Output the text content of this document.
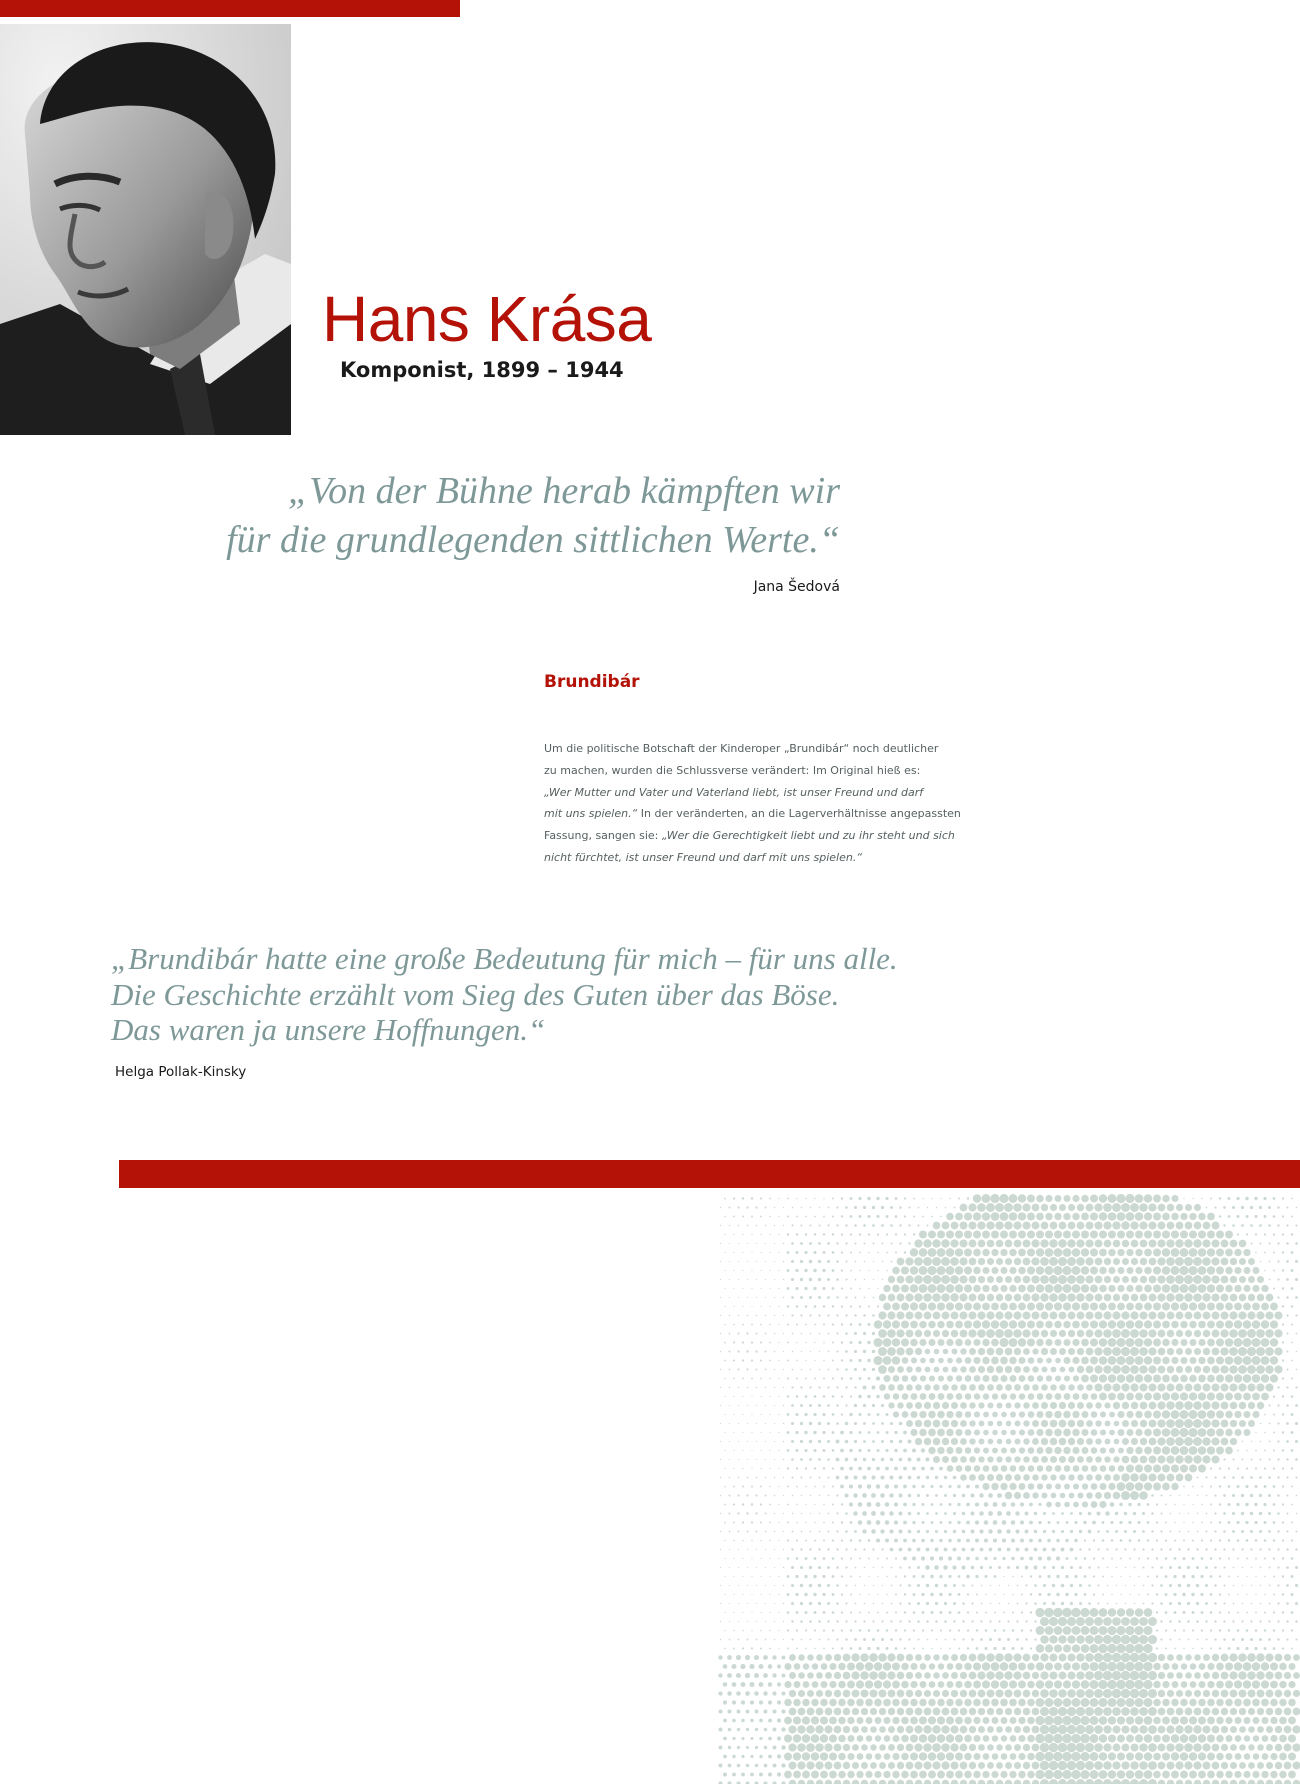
Hans Krása
Komponist, 1899 – 1944
„Von der Bühne herab kämpften wir
für die grundlegenden sittlichen Werte.“
Jana Šedová
Brundibár
Um die politische Botschaft der Kinderoper „Brundibár“ noch deutlicher
zu machen, wurden die Schlussverse verändert: Im Original hieß es:
„Wer Mutter und Vater und Vaterland liebt, ist unser Freund und darf
mit uns spielen.“ In der veränderten, an die Lagerverhältnisse angepassten
Fassung, sangen sie: „Wer die Gerechtigkeit liebt und zu ihr steht und sich
nicht fürchtet, ist unser Freund und darf mit uns spielen.“
„Brundibár hatte eine große Bedeutung für mich – für uns alle.
Die Geschichte erzählt vom Sieg des Guten über das Böse.
Das waren ja unsere Hoffnungen.“
Helga Pollak-Kinsky
